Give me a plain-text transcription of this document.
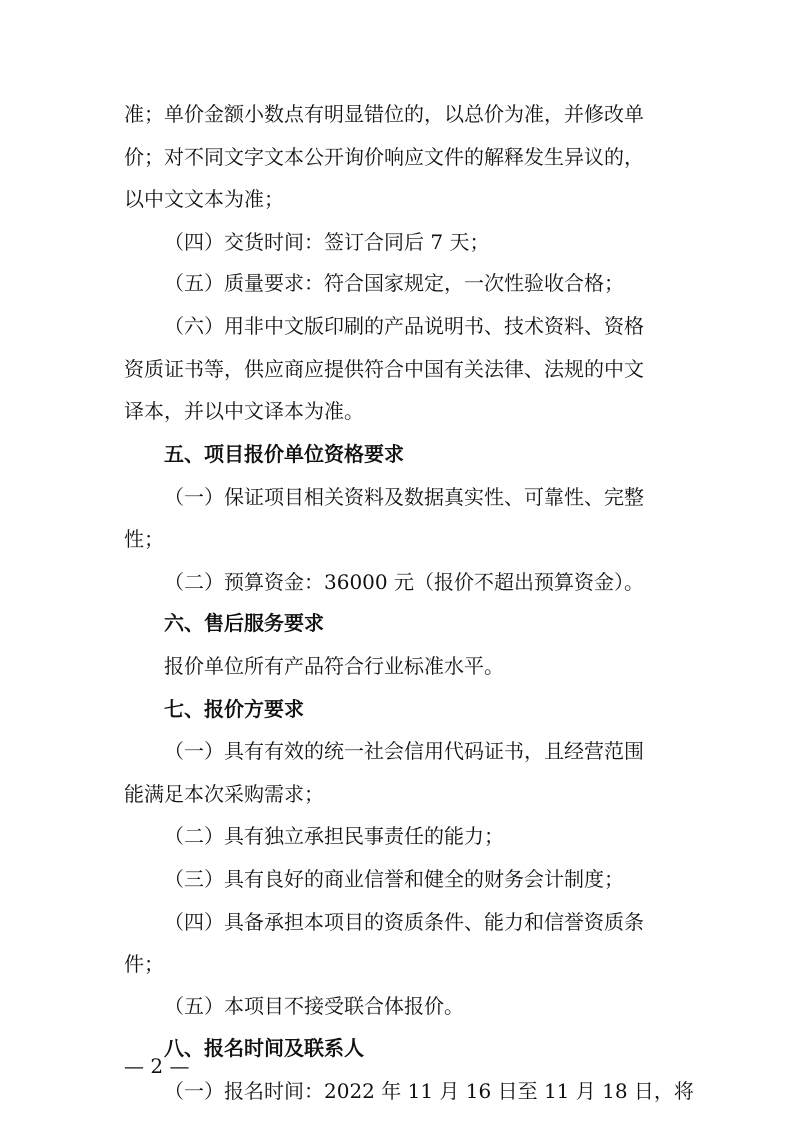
准；单价金额小数点有明显错位的，以总价为准，并修改单
价；对不同文字文本公开询价响应文件的解释发生异议的，
以中文文本为准；
（四）交货时间：签订合同后 7 天；
（五）质量要求：符合国家规定，一次性验收合格；
（六）用非中文版印刷的产品说明书、技术资料、资格
资质证书等，供应商应提供符合中国有关法律、法规的中文
译本，并以中文译本为准。
五、项目报价单位资格要求
（一）保证项目相关资料及数据真实性、可靠性、完整
性；
（二）预算资金：36000 元（报价不超出预算资金）。
六、售后服务要求
报价单位所有产品符合行业标准水平。
七、报价方要求
（一）具有有效的统一社会信用代码证书，且经营范围
能满足本次采购需求；
（二）具有独立承担民事责任的能力；
（三）具有良好的商业信誉和健全的财务会计制度；
（四）具备承担本项目的资质条件、能力和信誉资质条
件；
（五）本项目不接受联合体报价。
八、报名时间及联系人
（一）报名时间：2022 年 11 月 16 日至 11 月 18 日，将
— 2 —
